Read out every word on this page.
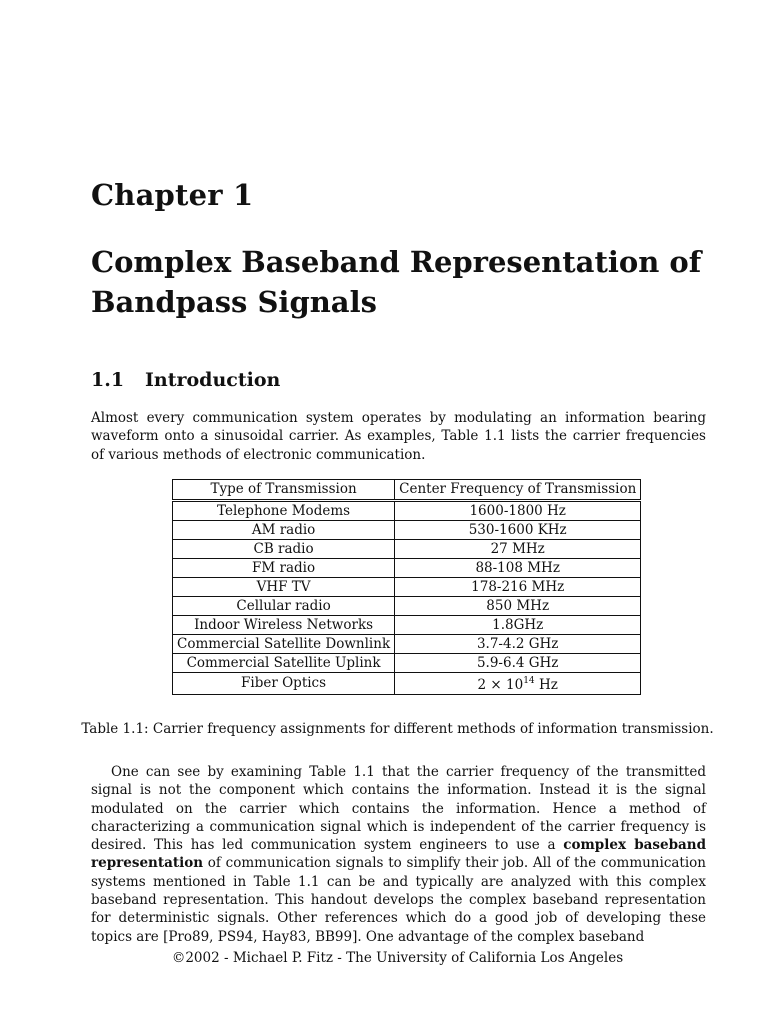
Chapter 1
Complex Baseband Representation of Bandpass Signals
1.1 Introduction

Almost every communication system operates by modulating an information bearing waveform onto a sinusoidal carrier. As examples, Table 1.1 lists the carrier frequencies of various methods of electronic communication.

Type of Transmission	Center Frequency of Transmission
Telephone Modems	1600-1800 Hz
AM radio	530-1600 KHz
CB radio	27 MHz
FM radio	88-108 MHz
VHF TV	178-216 MHz
Cellular radio	850 MHz
Indoor Wireless Networks	1.8GHz
Commercial Satellite Downlink	3.7-4.2 GHz
Commercial Satellite Uplink	5.9-6.4 GHz
Fiber Optics	$2 \times 10^{14}$ Hz
Table 1.1: Carrier frequency assignments for different methods of information transmission.

One can see by examining Table 1.1 that the carrier frequency of the transmitted signal is not the component which contains the information. Instead it is the signal modulated on the carrier which contains the information. Hence a method of characterizing a communication signal which is independent of the carrier frequency is desired. This has led communication system engineers to use a complex baseband representation of communication signals to simplify their job. All of the communication systems mentioned in Table 1.1 can be and typically are analyzed with this complex baseband representation. This handout develops the complex baseband representation for deterministic signals. Other references which do a good job of developing these topics are [Pro89, PS94, Hay83, BB99]. One advantage of the complex baseband

©2002 - Michael P. Fitz - The University of California Los Angeles
